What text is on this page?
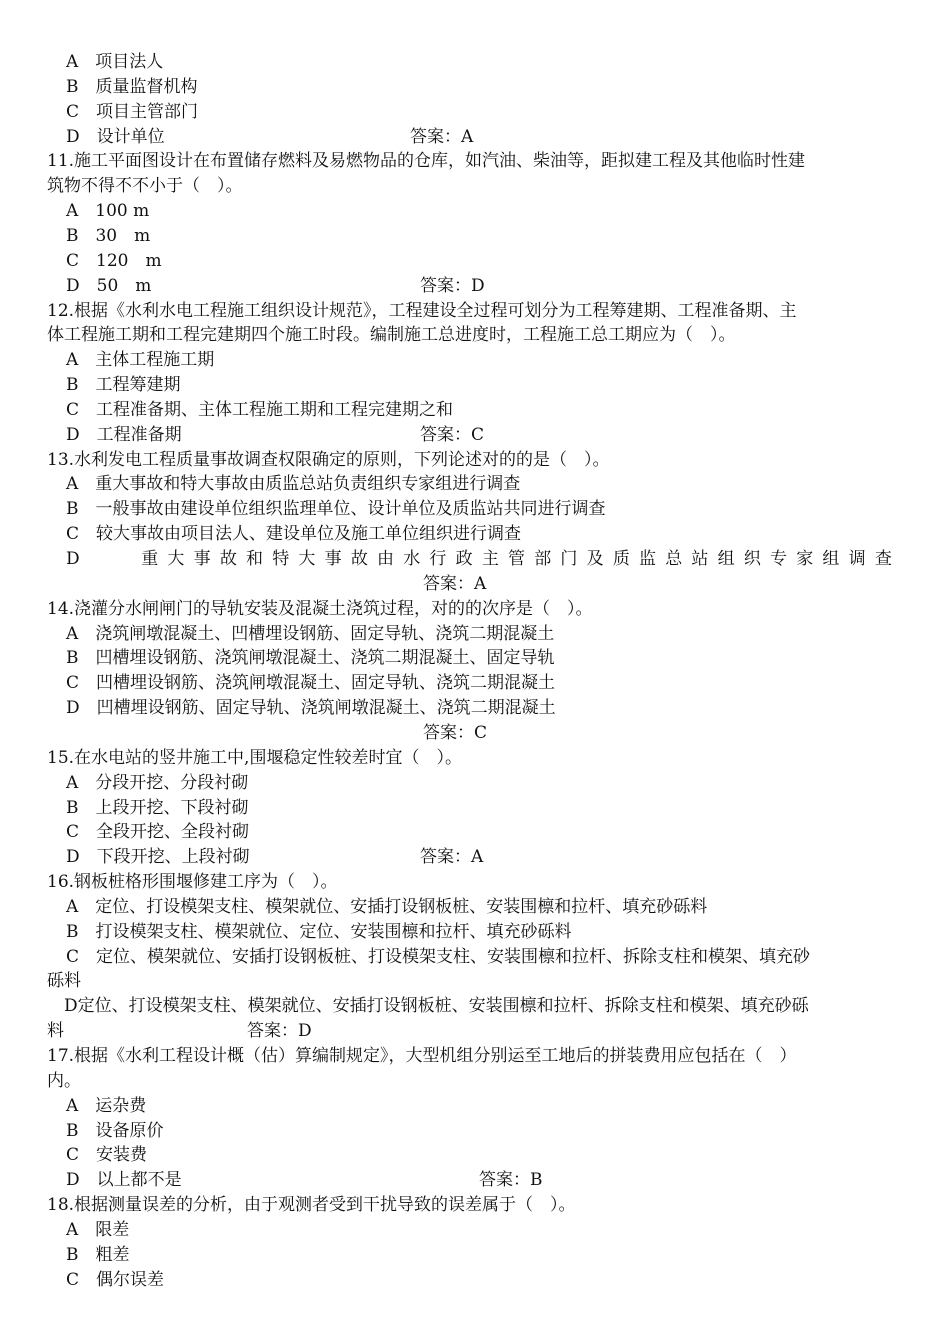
A　项目法人
B　质量监督机构
C　项目主管部门
D　设计单位	答案：A
11.施工平面图设计在布置储存燃料及易燃物品的仓库，如汽油、柴油等，距拟建工程及其他临时性建
筑物不得不不小于（　）。
A　100 m
B　30　m
C　120　m
D　50　m	答案：D
12.根据《水利水电工程施工组织设计规范》，工程建设全过程可划分为工程筹建期、工程准备期、主
体工程施工期和工程完建期四个施工时段。编制施工总进度时，工程施工总工期应为（　）。
A　主体工程施工期
B　工程筹建期
C　工程准备期、主体工程施工期和工程完建期之和
D　工程准备期	答案：C
13.水利发电工程质量事故调查权限确定的原则，下列论述对的的是（　）。
A　重大事故和特大事故由质监总站负责组织专家组进行调查
B　一般事故由建设单位组织监理单位、设计单位及质监站共同进行调查
C　较大事故由项目法人、建设单位及施工单位组织进行调查
D　　重大事故和特大事故由水行政主管部门及质监总站组织专家组调查
答案：A
14.浇灌分水闸闸门的导轨安装及混凝土浇筑过程，对的的次序是（　）。
A　浇筑闸墩混凝土、凹槽埋设钢筋、固定导轨、浇筑二期混凝土
B　凹槽埋设钢筋、浇筑闸墩混凝土、浇筑二期混凝土、固定导轨
C　凹槽埋设钢筋、浇筑闸墩混凝土、固定导轨、浇筑二期混凝土
D　凹槽埋设钢筋、固定导轨、浇筑闸墩混凝土、浇筑二期混凝土
答案：C
15.在水电站的竖井施工中,围堰稳定性较差时宜（　）。
A　分段开挖、分段衬砌
B　上段开挖、下段衬砌
C　全段开挖、全段衬砌
D　下段开挖、上段衬砌	答案：A
16.钢板桩格形围堰修建工序为（　）。
A　定位、打设模架支柱、模架就位、安插打设钢板桩、安装围檩和拉杆、填充砂砾料
B　打设模架支柱、模架就位、定位、安装围檩和拉杆、填充砂砾料
C　定位、模架就位、安插打设钢板桩、打设模架支柱、安装围檩和拉杆、拆除支柱和模架、填充砂
砾料
　D定位、打设模架支柱、模架就位、安插打设钢板桩、安装围檩和拉杆、拆除支柱和模架、填充砂砾
料	答案：D
17.根据《水利工程设计概（估）算编制规定》，大型机组分别运至工地后的拼装费用应包括在（　）
内。
A　运杂费
B　设备原价
C　安装费
D　以上都不是	答案：B
18.根据测量误差的分析，由于观测者受到干扰导致的误差属于（　）。
A　限差
B　粗差
C　偶尔误差
